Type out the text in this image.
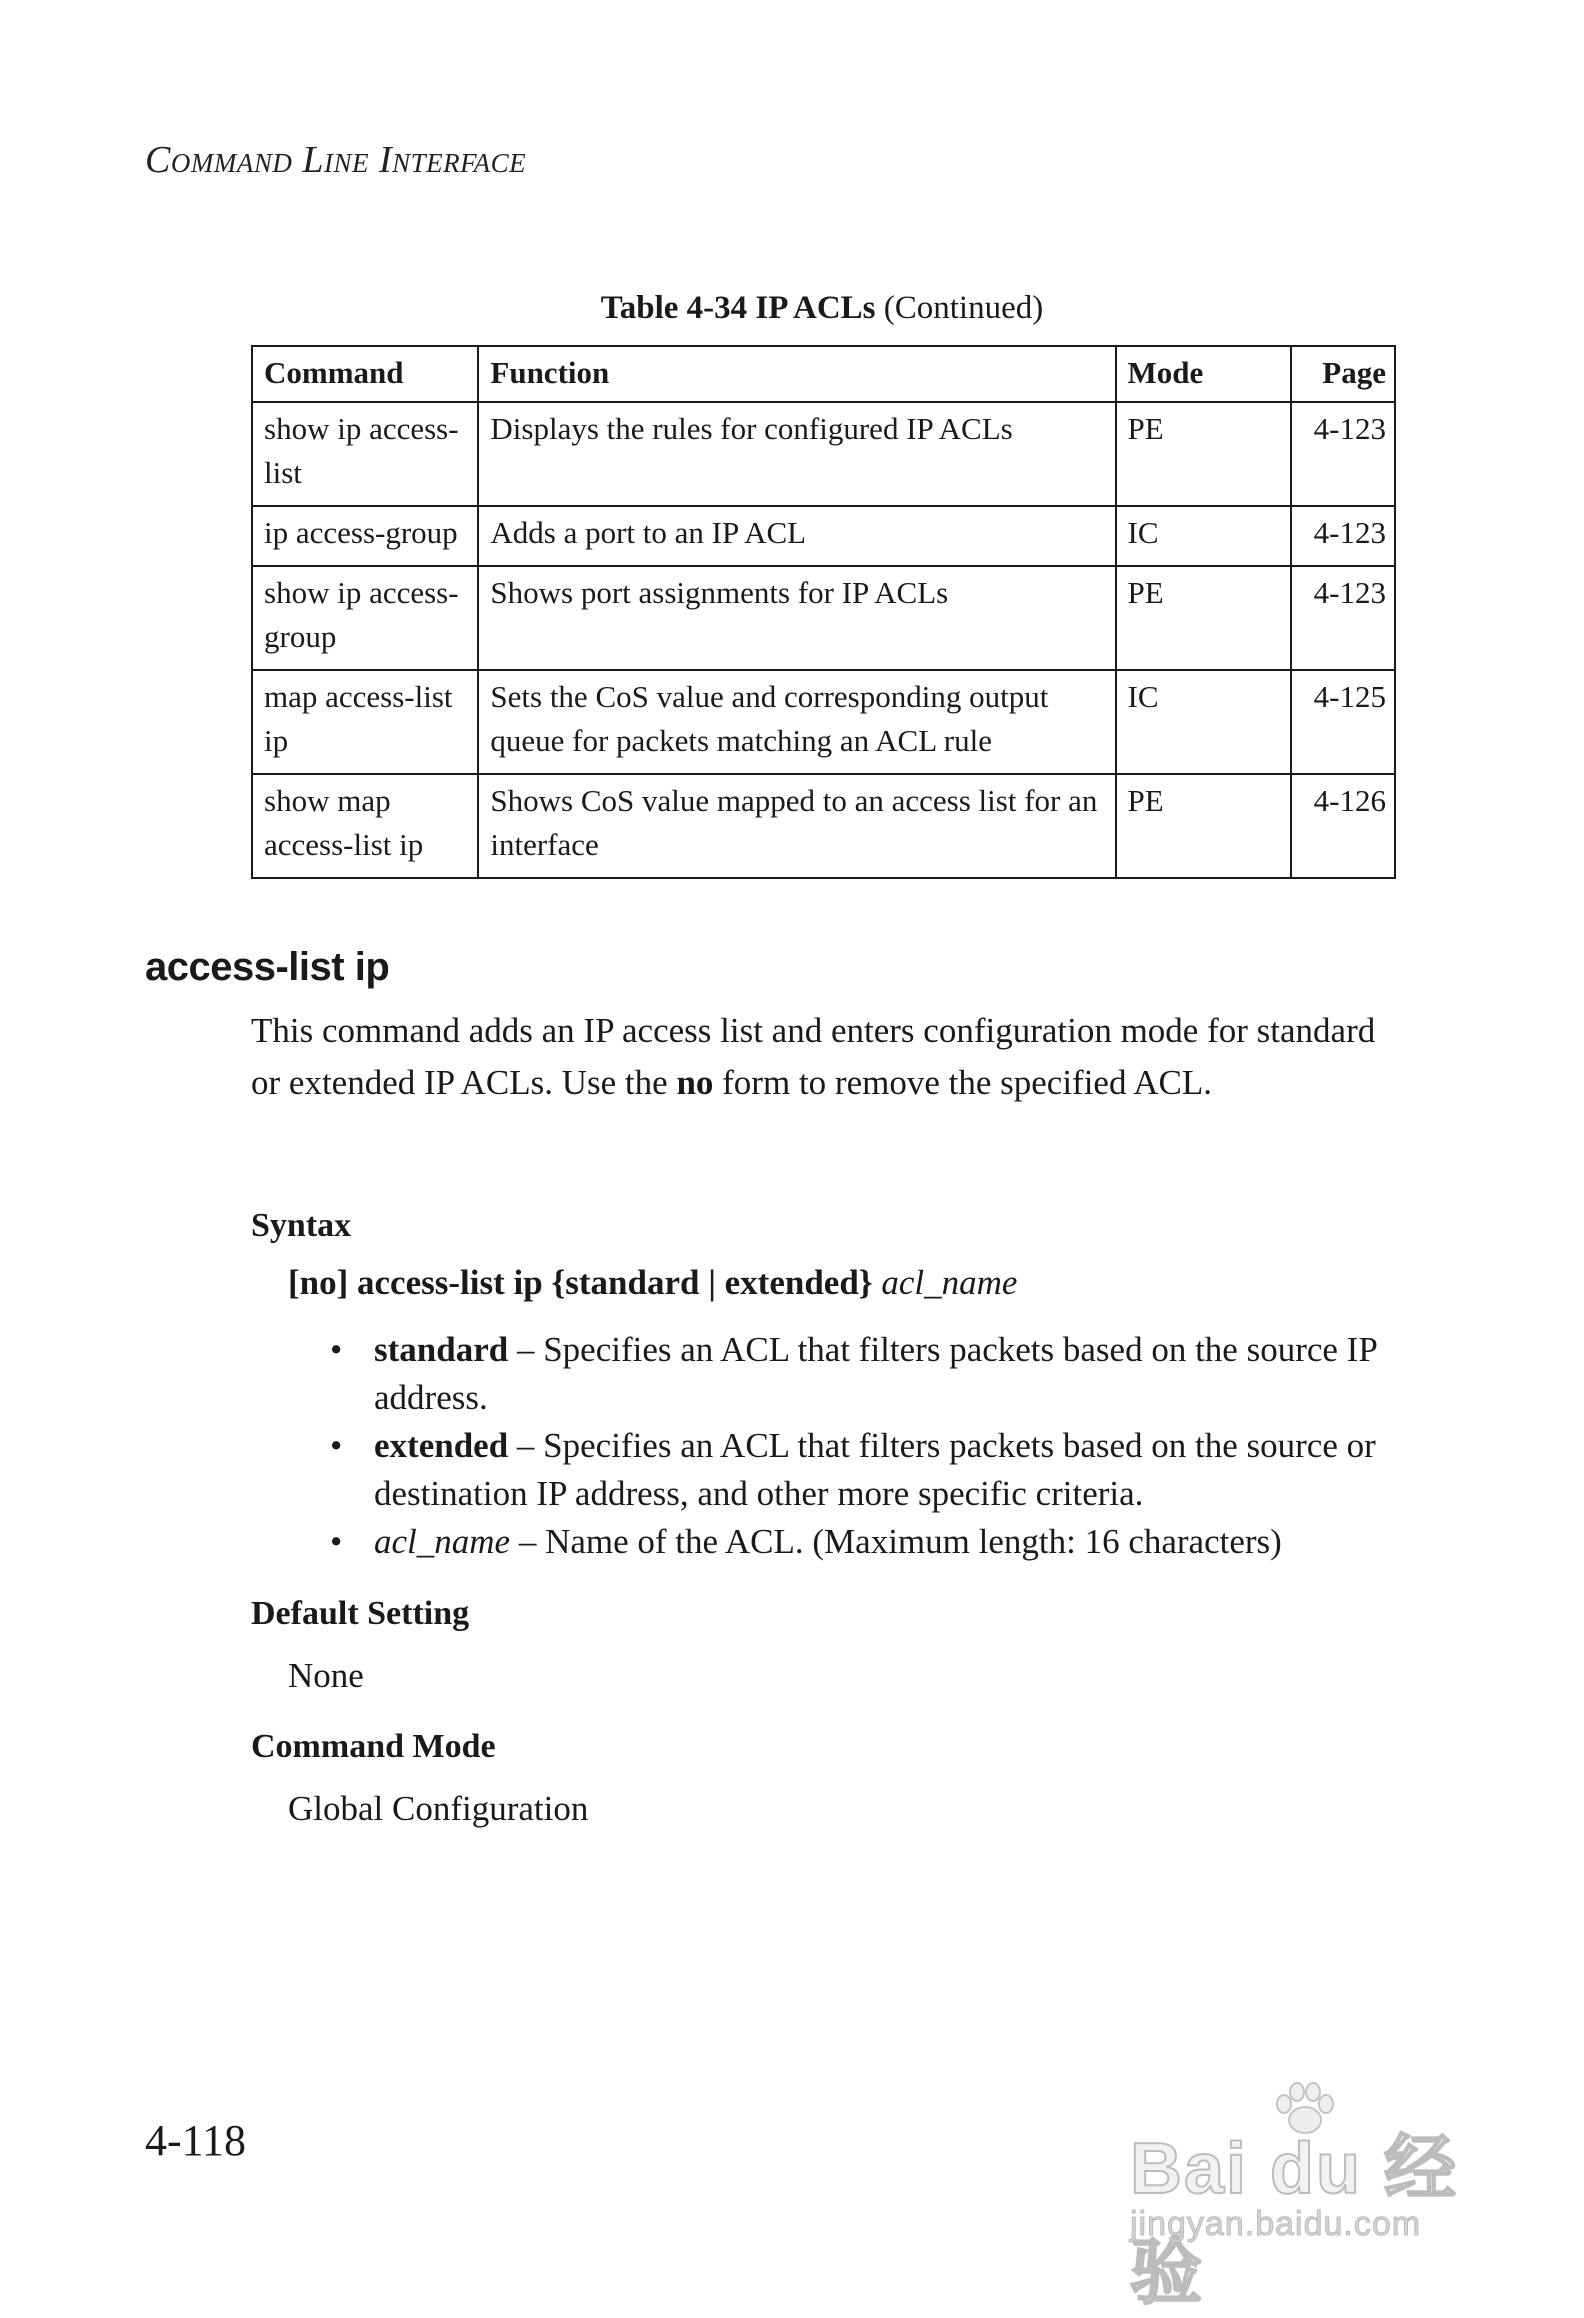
Command Line Interface
Table 4-34 IP ACLs (Continued)
Command	Function	Mode	Page
show ip access-list	Displays the rules for configured IP ACLs	PE	4-123
ip access-group	Adds a port to an IP ACL	IC	4-123
show ip access-group	Shows port assignments for IP ACLs	PE	4-123
map access-list ip	Sets the CoS value and corresponding output queue for packets matching an ACL rule	IC	4-125
show map access-list ip	Shows CoS value mapped to an access list for an interface	PE	4-126
access-list ip
This command adds an IP access list and enters configuration mode for standard or extended IP ACLs. Use the no form to remove the specified ACL.
Syntax
[no] access-list ip {standard | extended} acl_name
• standard – Specifies an ACL that filters packets based on the source IP address.
• extended – Specifies an ACL that filters packets based on the source or destination IP address, and other more specific criteria.
• acl_name – Name of the ACL. (Maximum length: 16 characters)
Default Setting
None
Command Mode
Global Configuration
4-118	Bai du 经验
jingyan.baidu.com
